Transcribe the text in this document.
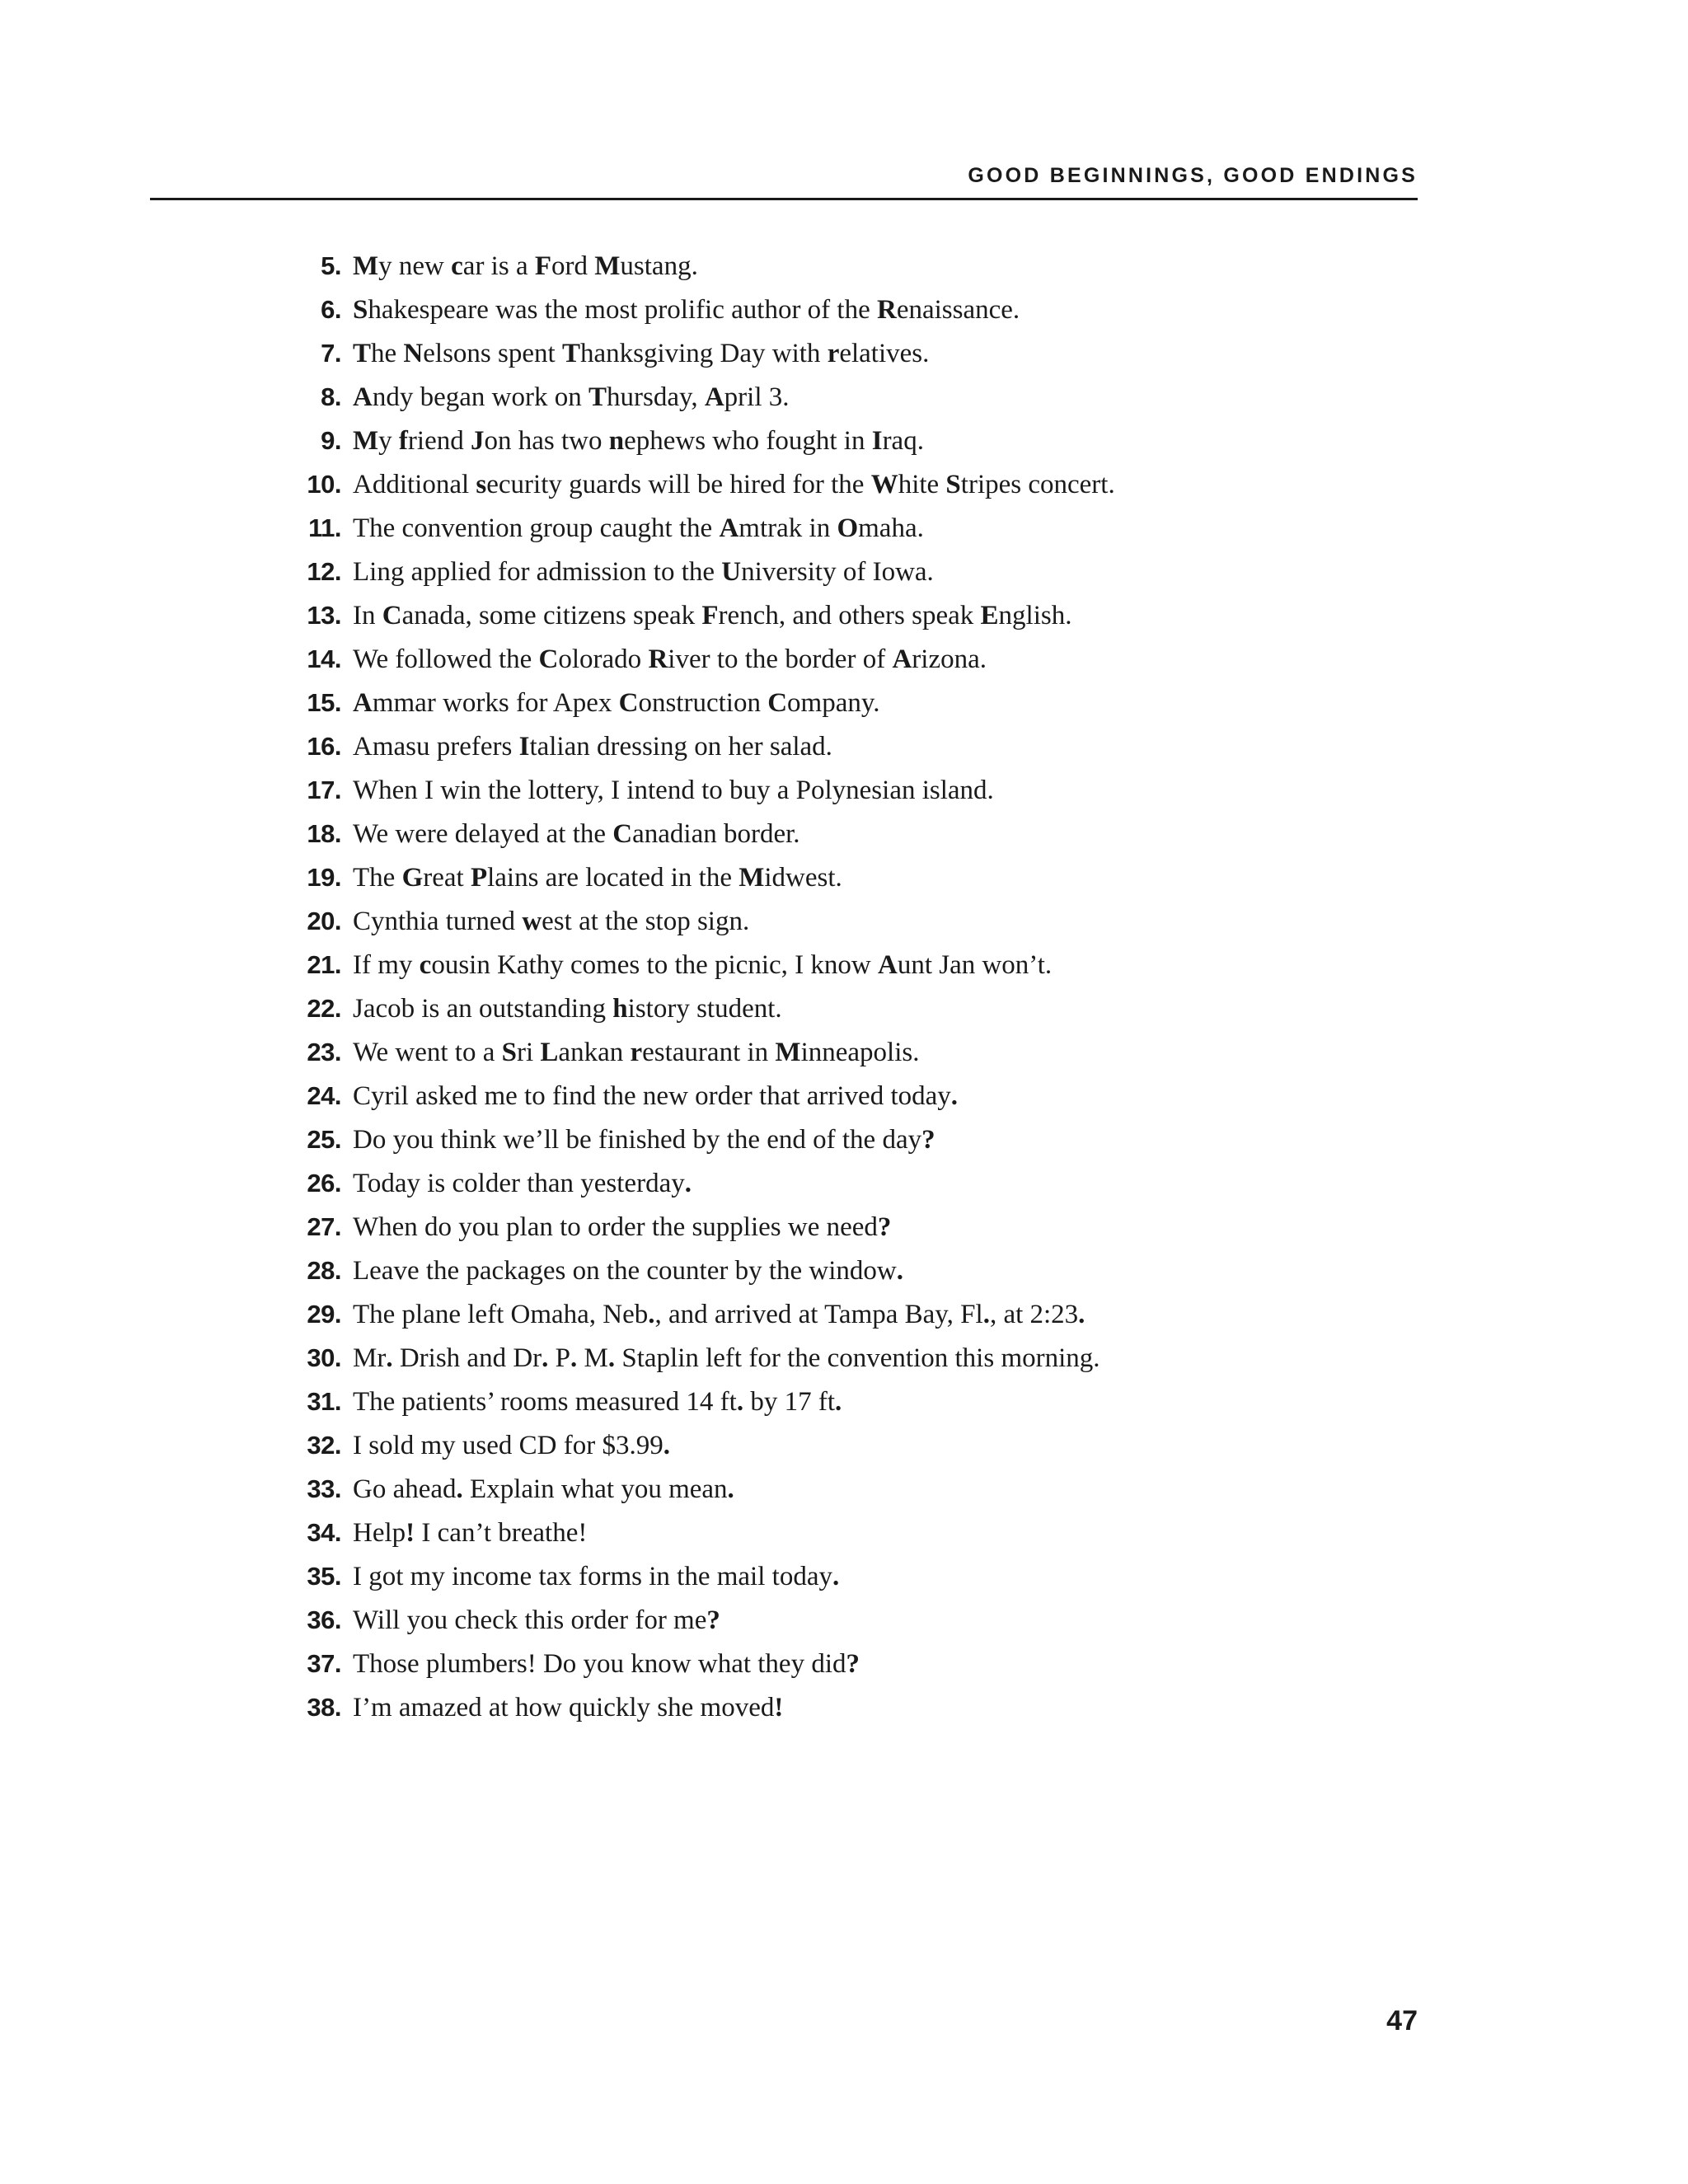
GOOD BEGINNINGS, GOOD ENDINGS
5. My new car is a Ford Mustang.
6. Shakespeare was the most prolific author of the Renaissance.
7. The Nelsons spent Thanksgiving Day with relatives.
8. Andy began work on Thursday, April 3.
9. My friend Jon has two nephews who fought in Iraq.
10. Additional security guards will be hired for the White Stripes concert.
11. The convention group caught the Amtrak in Omaha.
12. Ling applied for admission to the University of Iowa.
13. In Canada, some citizens speak French, and others speak English.
14. We followed the Colorado River to the border of Arizona.
15. Ammar works for Apex Construction Company.
16. Amasu prefers Italian dressing on her salad.
17. When I win the lottery, I intend to buy a Polynesian island.
18. We were delayed at the Canadian border.
19. The Great Plains are located in the Midwest.
20. Cynthia turned west at the stop sign.
21. If my cousin Kathy comes to the picnic, I know Aunt Jan won’t.
22. Jacob is an outstanding history student.
23. We went to a Sri Lankan restaurant in Minneapolis.
24. Cyril asked me to find the new order that arrived today.
25. Do you think we’ll be finished by the end of the day?
26. Today is colder than yesterday.
27. When do you plan to order the supplies we need?
28. Leave the packages on the counter by the window.
29. The plane left Omaha, Neb., and arrived at Tampa Bay, Fl., at 2:23.
30. Mr. Drish and Dr. P. M. Staplin left for the convention this morning.
31. The patients’ rooms measured 14 ft. by 17 ft.
32. I sold my used CD for $3.99.
33. Go ahead. Explain what you mean.
34. Help! I can’t breathe!
35. I got my income tax forms in the mail today.
36. Will you check this order for me?
37. Those plumbers! Do you know what they did?
38. I’m amazed at how quickly she moved!
47
